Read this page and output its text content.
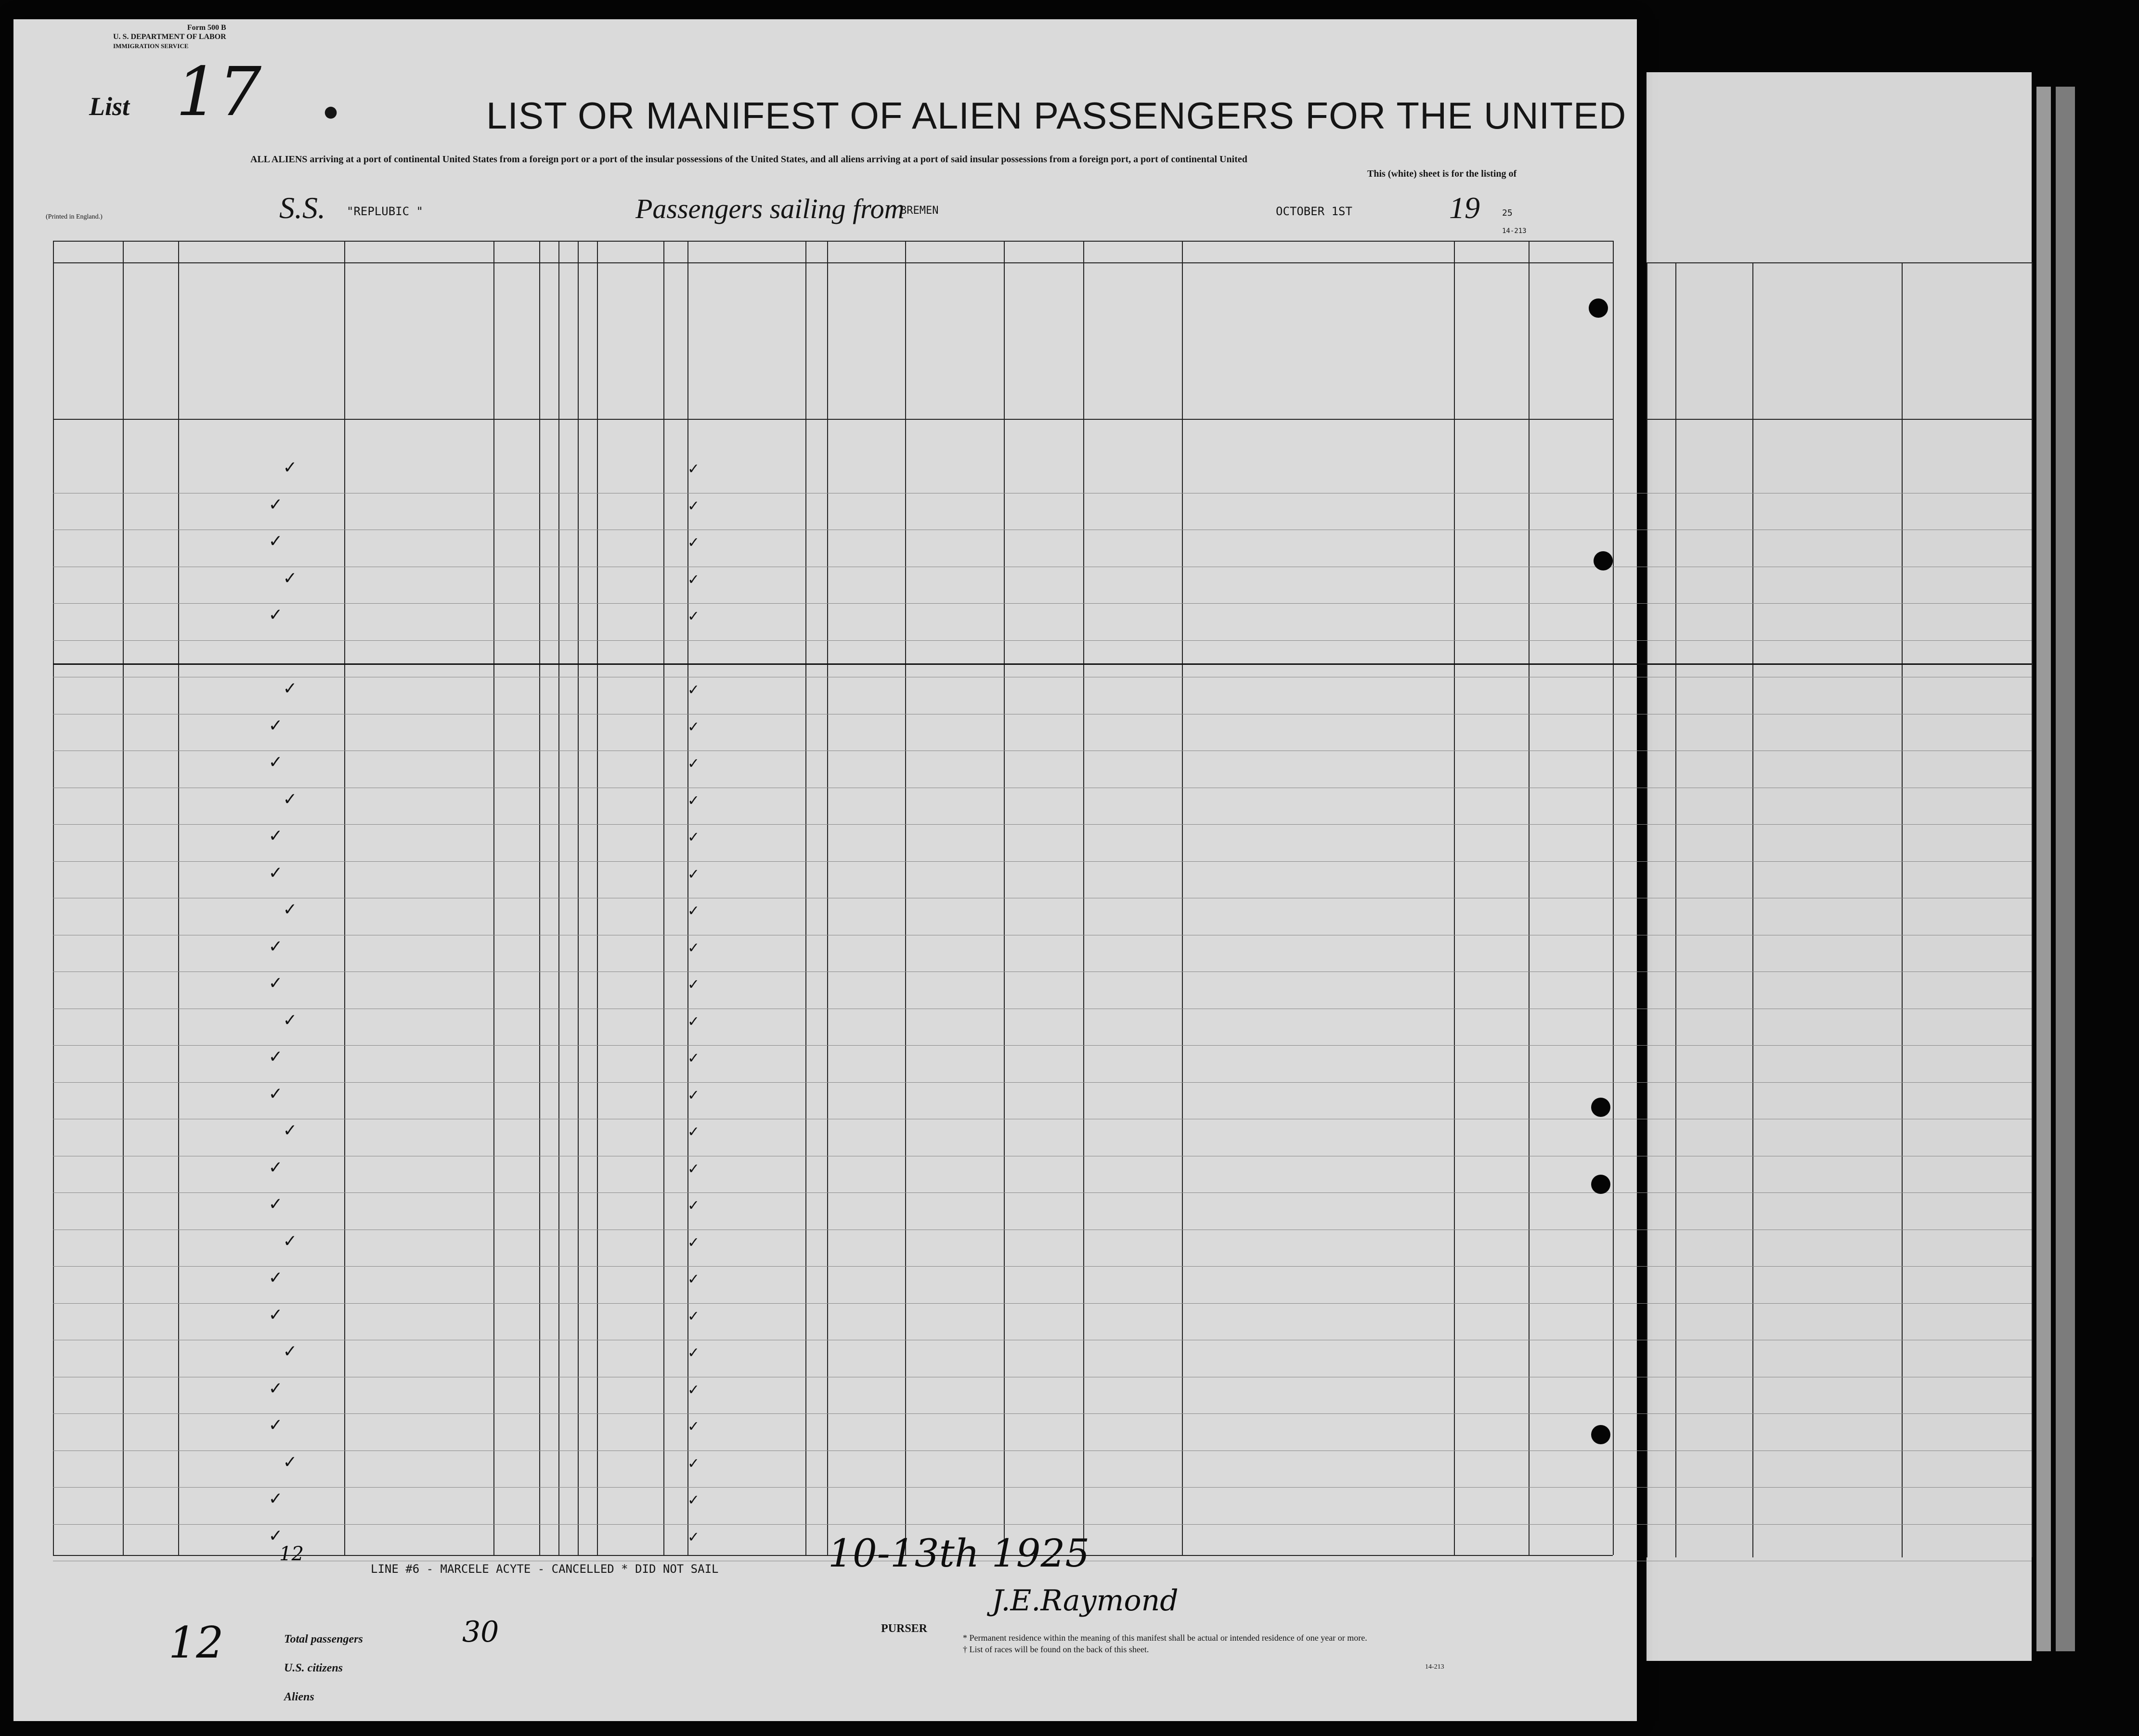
Form 500 B
U. S. DEPARTMENT OF LABOR
IMMIGRATION SERVICE
List 17 •	LIST OR MANIFEST OF ALIEN PASSENGERS FOR THE UNITED
ALL ALIENS arriving at a port of continental United States from a foreign port or a port of the insular possessions of the United States, and all aliens arriving at a port of said insular possessions from a foreign port, a port of continental United
This (white) sheet is for the listing of
(Printed in England.)	S.S. "REPLUBIC "	Passengers sailing from
BREMEN	OCTOBER 1ST	19	25
14-213
✓	✓
✓	✓
✓	✓
✓	✓
✓	✓
✓	✓
✓	✓
✓	✓
✓	✓
✓	✓
✓	✓
✓	✓
✓	✓
✓	✓
✓	✓
✓	✓
✓	✓
✓	✓
✓	✓
✓	✓
✓	✓
✓	✓
✓	✓
✓	✓
✓	✓
✓	✓
✓	✓
✓	✓
✓	✓
J.E.Raymond
PURSER
10-13th 1925
LINE #6 - MARCELE ACYTE - CANCELLED * DID NOT SAIL
12
Total passengers
U.S. citizens
Aliens
12	30	* Permanent residence within the meaning of this manifest shall be actual or intended residence of one year or more.
† List of races will be found on the back of this sheet.
14-213
